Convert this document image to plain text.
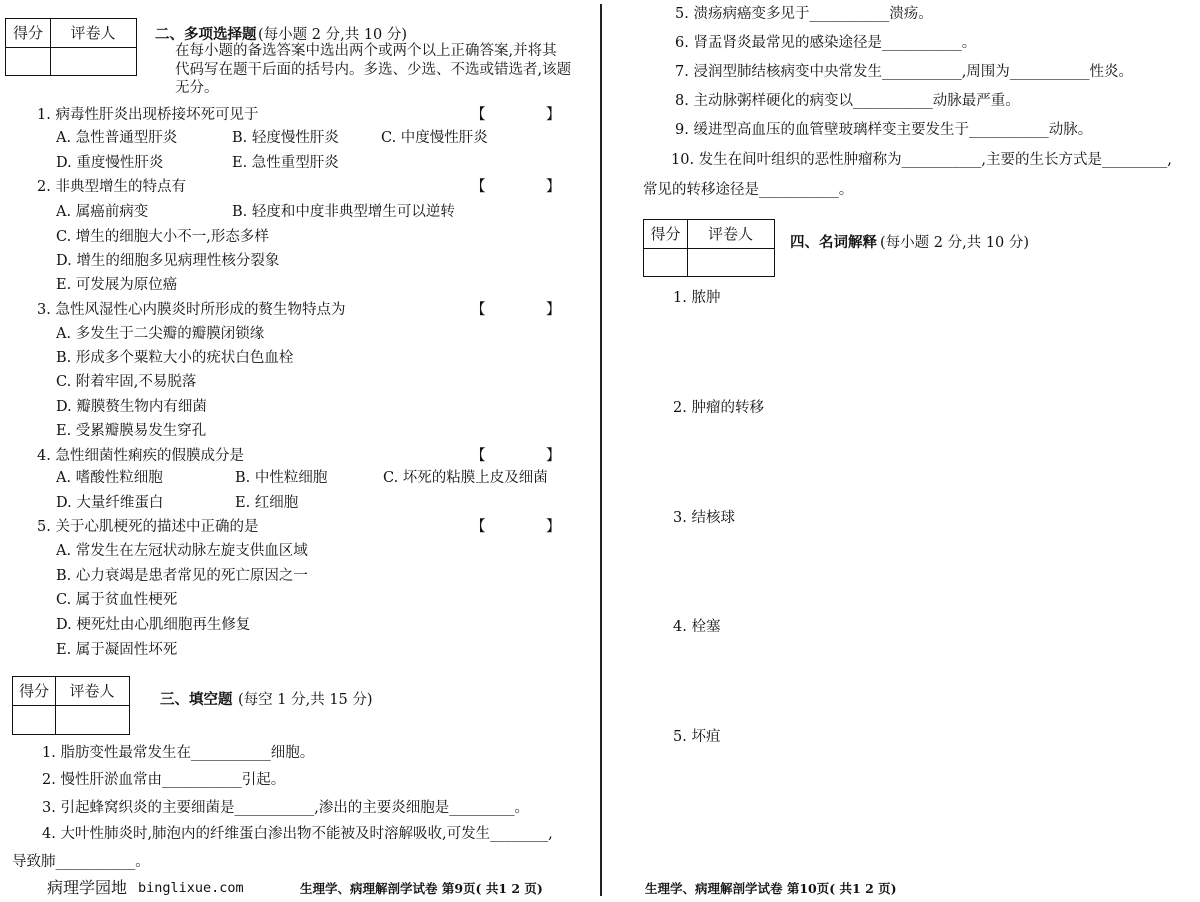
得分	评卷人	二、多项选择题 (每小题 2 分,共 10 分)
在每小题的备选答案中选出两个或两个以上正确答案,并将其
代码写在题干后面的括号内。多选、少选、不选或错选者,该题
无分。
1. 病毒性肝炎出现桥接坏死可见于	【	】
A. 急性普通型肝炎	B. 轻度慢性肝炎	C. 中度慢性肝炎
D. 重度慢性肝炎	E. 急性重型肝炎
2. 非典型增生的特点有	【	】
A. 属癌前病变	B. 轻度和中度非典型增生可以逆转
C. 增生的细胞大小不一,形态多样
D. 增生的细胞多见病理性核分裂象
E. 可发展为原位癌
3. 急性风湿性心内膜炎时所形成的赘生物特点为	【	】
A. 多发生于二尖瓣的瓣膜闭锁缘
B. 形成多个粟粒大小的疣状白色血栓
C. 附着牢固,不易脱落
D. 瓣膜赘生物内有细菌
E. 受累瓣膜易发生穿孔
4. 急性细菌性痢疾的假膜成分是	【	】
A. 嗜酸性粒细胞	B. 中性粒细胞	C. 坏死的粘膜上皮及细菌
D. 大量纤维蛋白	E. 红细胞
5. 关于心肌梗死的描述中正确的是	【	】
A. 常发生在左冠状动脉左旋支供血区域
B. 心力衰竭是患者常见的死亡原因之一
C. 属于贫血性梗死
D. 梗死灶由心肌细胞再生修复
E. 属于凝固性坏死
得分	评卷人	三、填空题 (每空 1 分,共 15 分)
1. 脂肪变性最常发生在___________细胞。
2. 慢性肝淤血常由___________引起。
3. 引起蜂窝织炎的主要细菌是___________,渗出的主要炎细胞是_________。
4. 大叶性肺炎时,肺泡内的纤维蛋白渗出物不能被及时溶解吸收,可发生________,
导致肺___________。
病理学园地 binglixue.com	生理学、病理解剖学试卷 第9页( 共1 2 页)
5. 溃疡病癌变多见于___________溃疡。
6. 肾盂肾炎最常见的感染途径是___________。
7. 浸润型肺结核病变中央常发生___________,周围为___________性炎。
8. 主动脉粥样硬化的病变以___________动脉最严重。
9. 缓进型高血压的血管壁玻璃样变主要发生于___________动脉。
10. 发生在间叶组织的恶性肿瘤称为___________,主要的生长方式是_________,
常见的转移途径是___________。
得分	评卷人	四、名词解释 (每小题 2 分,共 10 分)
1. 脓肿
2. 肿瘤的转移
3. 结核球
4. 栓塞
5. 坏疽
生理学、病理解剖学试卷 第10页( 共1 2 页)
